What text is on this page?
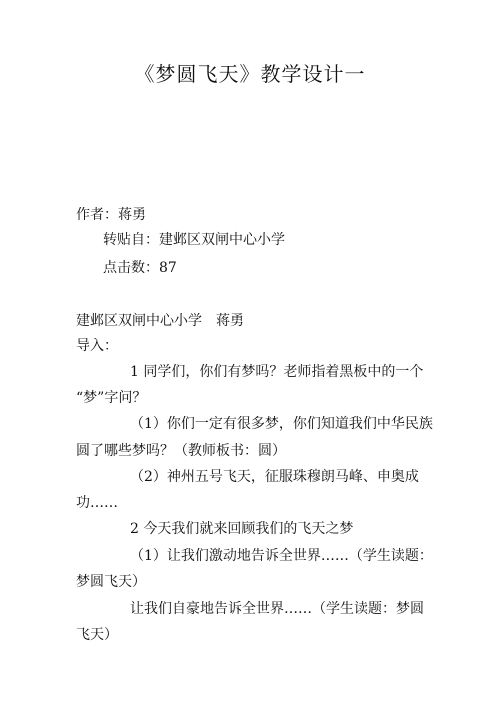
《梦圆飞天》教学设计一
作者：蒋勇
转贴自：建邺区双闸中心小学
点击数：87
建邺区双闸中心小学　蒋勇
导入：
1 同学们，你们有梦吗？老师指着黑板中的一个
“梦”字问？
（1）你们一定有很多梦，你们知道我们中华民族
圆了哪些梦吗？（教师板书：圆）
（2）神州五号飞天，征服珠穆朗马峰、申奥成
功……
2 今天我们就来回顾我们的飞天之梦
（1）让我们激动地告诉全世界……（学生读题：
梦圆飞天）
让我们自豪地告诉全世界……（学生读题：梦圆
飞天）
